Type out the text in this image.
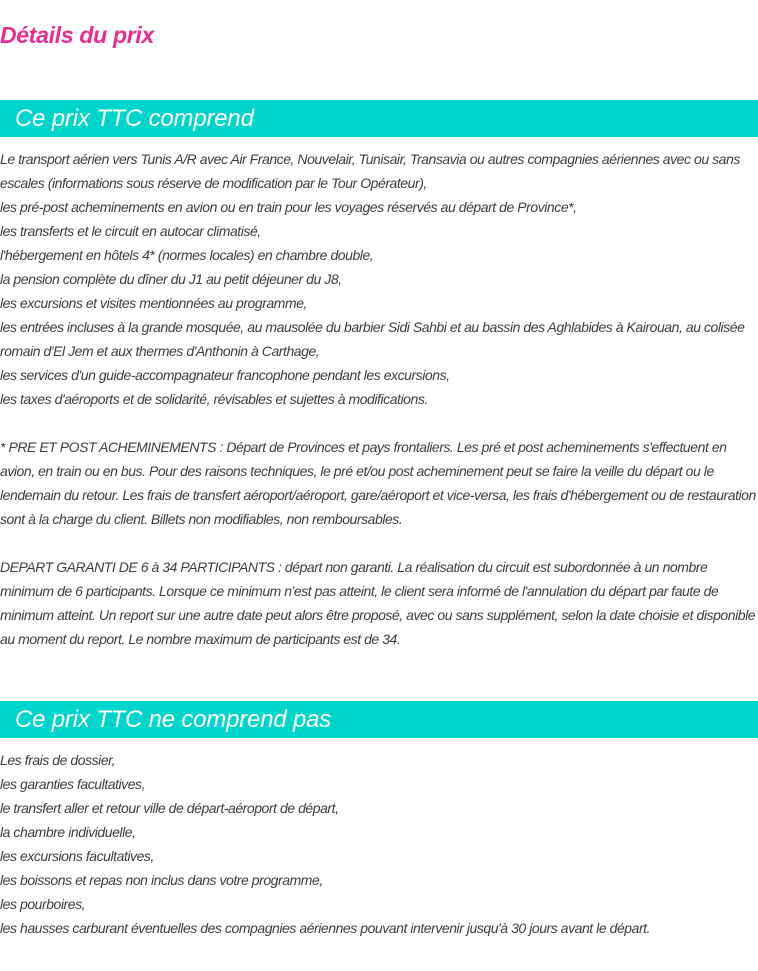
Détails du prix
Ce prix TTC comprend

Le transport aérien vers Tunis A/R avec Air France, Nouvelair, Tunisair, Transavia ou autres compagnies aériennes avec ou sans escales (informations sous réserve de modification par le Tour Opérateur),

les pré-post acheminements en avion ou en train pour les voyages réservés au départ de Province*,

les transferts et le circuit en autocar climatisé,

l'hébergement en hôtels 4* (normes locales) en chambre double,

la pension complète du dîner du J1 au petit déjeuner du J8,

les excursions et visites mentionnées au programme,

les entrées incluses à la grande mosquée, au mausolée du barbier Sidi Sahbi et au bassin des Aghlabides à Kairouan, au colisée romain d'El Jem et aux thermes d'Anthonin à Carthage,

les services d'un guide-accompagnateur francophone pendant les excursions,

les taxes d'aéroports et de solidarité, révisables et sujettes à modifications.

* PRE ET POST ACHEMINEMENTS : Départ de Provinces et pays frontaliers. Les pré et post acheminements s'effectuent en avion, en train ou en bus. Pour des raisons techniques, le pré et/ou post acheminement peut se faire la veille du départ ou le lendemain du retour. Les frais de transfert aéroport/aéroport, gare/aéroport et vice-versa, les frais d'hébergement ou de restauration sont à la charge du client. Billets non modifiables, non remboursables.

DEPART GARANTI DE 6 à 34 PARTICIPANTS : départ non garanti. La réalisation du circuit est subordonnée à un nombre minimum de 6 participants. Lorsque ce minimum n'est pas atteint, le client sera informé de l'annulation du départ par faute de minimum atteint. Un report sur une autre date peut alors être proposé, avec ou sans supplément, selon la date choisie et disponible au moment du report. Le nombre maximum de participants est de 34.

Ce prix TTC ne comprend pas

Les frais de dossier,

les garanties facultatives,

le transfert aller et retour ville de départ-aéroport de départ,

la chambre individuelle,

les excursions facultatives,

les boissons et repas non inclus dans votre programme,

les pourboires,

les hausses carburant éventuelles des compagnies aériennes pouvant intervenir jusqu'à 30 jours avant le départ.
